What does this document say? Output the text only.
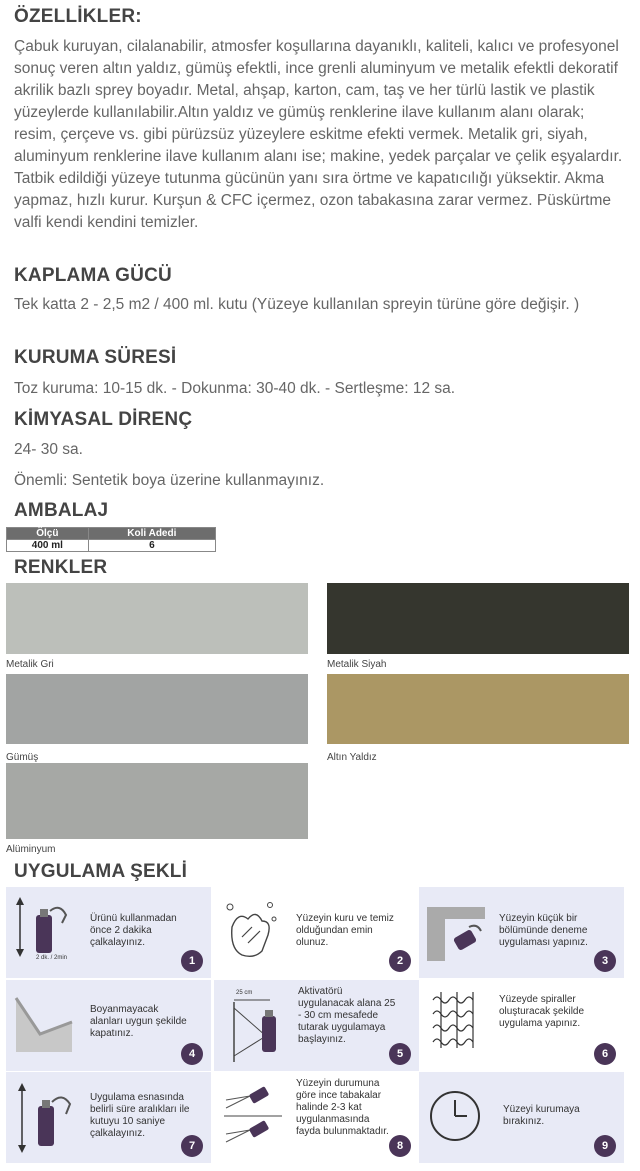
ÖZELLİKLER:
Çabuk kuruyan, cilalanabilir, atmosfer koşullarına dayanıklı, kaliteli, kalıcı ve profesyonel sonuç veren altın yaldız, gümüş efektli, ince grenli aluminyum ve metalik efektli dekoratif akrilik bazlı sprey boyadır. Metal, ahşap, karton, cam, taş ve her türlü lastik ve plastik yüzeylerde kullanılabilir.Altın yaldız ve gümüş renklerine ilave kullanım alanı olarak; resim, çerçeve vs. gibi pürüzsüz yüzeylere eskitme efekti vermek. Metalik gri, siyah, aluminyum renklerine ilave kullanım alanı ise; makine, yedek parçalar ve çelik eşyalardır. Tatbik edildiği yüzeye tutunma gücünün yanı sıra örtme ve kapatıcılığı yüksektir. Akma yapmaz, hızlı kurur. Kurşun & CFC içermez, ozon tabakasına zarar vermez. Püskürtme valfi kendi kendini temizler.
KAPLAMA GÜCÜ
Tek katta 2 - 2,5 m2 / 400 ml. kutu (Yüzeye kullanılan spreyin türüne göre değişir. )
KURUMA SÜRESİ
Toz kuruma: 10-15 dk. - Dokunma: 30-40 dk. - Sertleşme: 12 sa.
KİMYASAL DİRENÇ
24- 30 sa.
Önemli: Sentetik boya üzerine kullanmayınız.
AMBALAJ
Ölçü	Koli Adedi
400 ml	6
RENKLER
Metalik Gri	Metalik Siyah
Gümüş	Altın Yaldız
Alüminyum
UYGULAMA ŞEKLİ
2 dk. / 2min
Ürünü kullanmadan önce 2 dakika çalkalayınız.
1
Yüzeyin kuru ve temiz olduğundan emin olunuz.
2
Yüzeyin küçük bir bölümünde deneme uygulaması yapınız.
3
Boyanmayacak alanları uygun şekilde kapatınız.
4
25 cm	Aktivatörü uygulanacak alana 25 - 30 cm mesafede tutarak uygulamaya başlayınız.
5
Yüzeyde spiraller oluşturacak şekilde uygulama yapınız.
6
Uygulama esnasında belirli süre aralıkları ile kutuyu 10 saniye çalkalayınız.
7
Yüzeyin durumuna göre ince tabakalar halinde 2-3 kat uygulanmasında fayda bulunmaktadır.
8
Yüzeyi kurumaya bırakınız.
9
